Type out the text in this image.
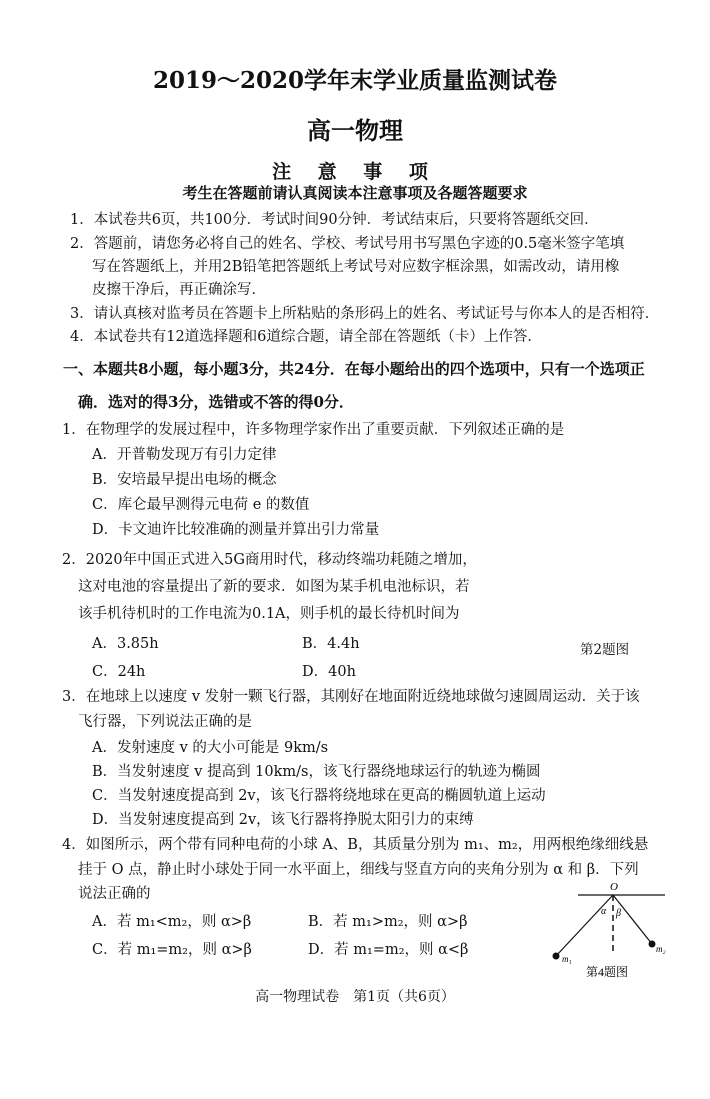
2019～2020学年末学业质量监测试卷
高一物理
注 意 事 项
考生在答题前请认真阅读本注意事项及各题答题要求
1．本试卷共6页，共100分．考试时间90分钟．考试结束后，只要将答题纸交回．
2．答题前，请您务必将自己的姓名、学校、考试号用书写黑色字迹的0.5毫米签字笔填
写在答题纸上，并用2B铅笔把答题纸上考试号对应数字框涂黑，如需改动，请用橡
皮擦干净后，再正确涂写．
3．请认真核对监考员在答题卡上所粘贴的条形码上的姓名、考试证号与你本人的是否相符．
4．本试卷共有12道选择题和6道综合题，请全部在答题纸（卡）上作答．
一、本题共8小题，每小题3分，共24分．在每小题给出的四个选项中，只有一个选项正
确．选对的得3分，选错或不答的得0分．
1．在物理学的发展过程中，许多物理学家作出了重要贡献．下列叙述正确的是
A．开普勒发现万有引力定律
B．安培最早提出电场的概念
C．库仑最早测得元电荷 e 的数值
D．卡文迪许比较准确的测量并算出引力常量
2．2020年中国正式进入5G商用时代，移动终端功耗随之增加，
这对电池的容量提出了新的要求．如图为某手机电池标识，若
该手机待机时的工作电流为0.1A，则手机的最长待机时间为
A．3.85h	B．4.4h	第2题图
C．24h	D．40h
3．在地球上以速度 v 发射一颗飞行器，其刚好在地面附近绕地球做匀速圆周运动．关于该
飞行器，下列说法正确的是
A．发射速度 v 的大小可能是 9km/s
B．当发射速度 v 提高到 10km/s，该飞行器绕地球运行的轨迹为椭圆
C．当发射速度提高到 2v，该飞行器将绕地球在更高的椭圆轨道上运动
D．当发射速度提高到 2v，该飞行器将挣脱太阳引力的束缚
4．如图所示，两个带有同种电荷的小球 A、B，其质量分别为 m₁、m₂，用两根绝缘细线悬
挂于 O 点，静止时小球处于同一水平面上，细线与竖直方向的夹角分别为 α 和 β．下列
说法正确的
A．若 m₁<m₂，则 α>β	B．若 m₁>m₂，则 α>β
C．若 m₁=m₂，则 α>β	D．若 m₁=m₂，则 α<β
O
α β
m₁
m₂
第4题图
高一物理试卷　第1页（共6页）
